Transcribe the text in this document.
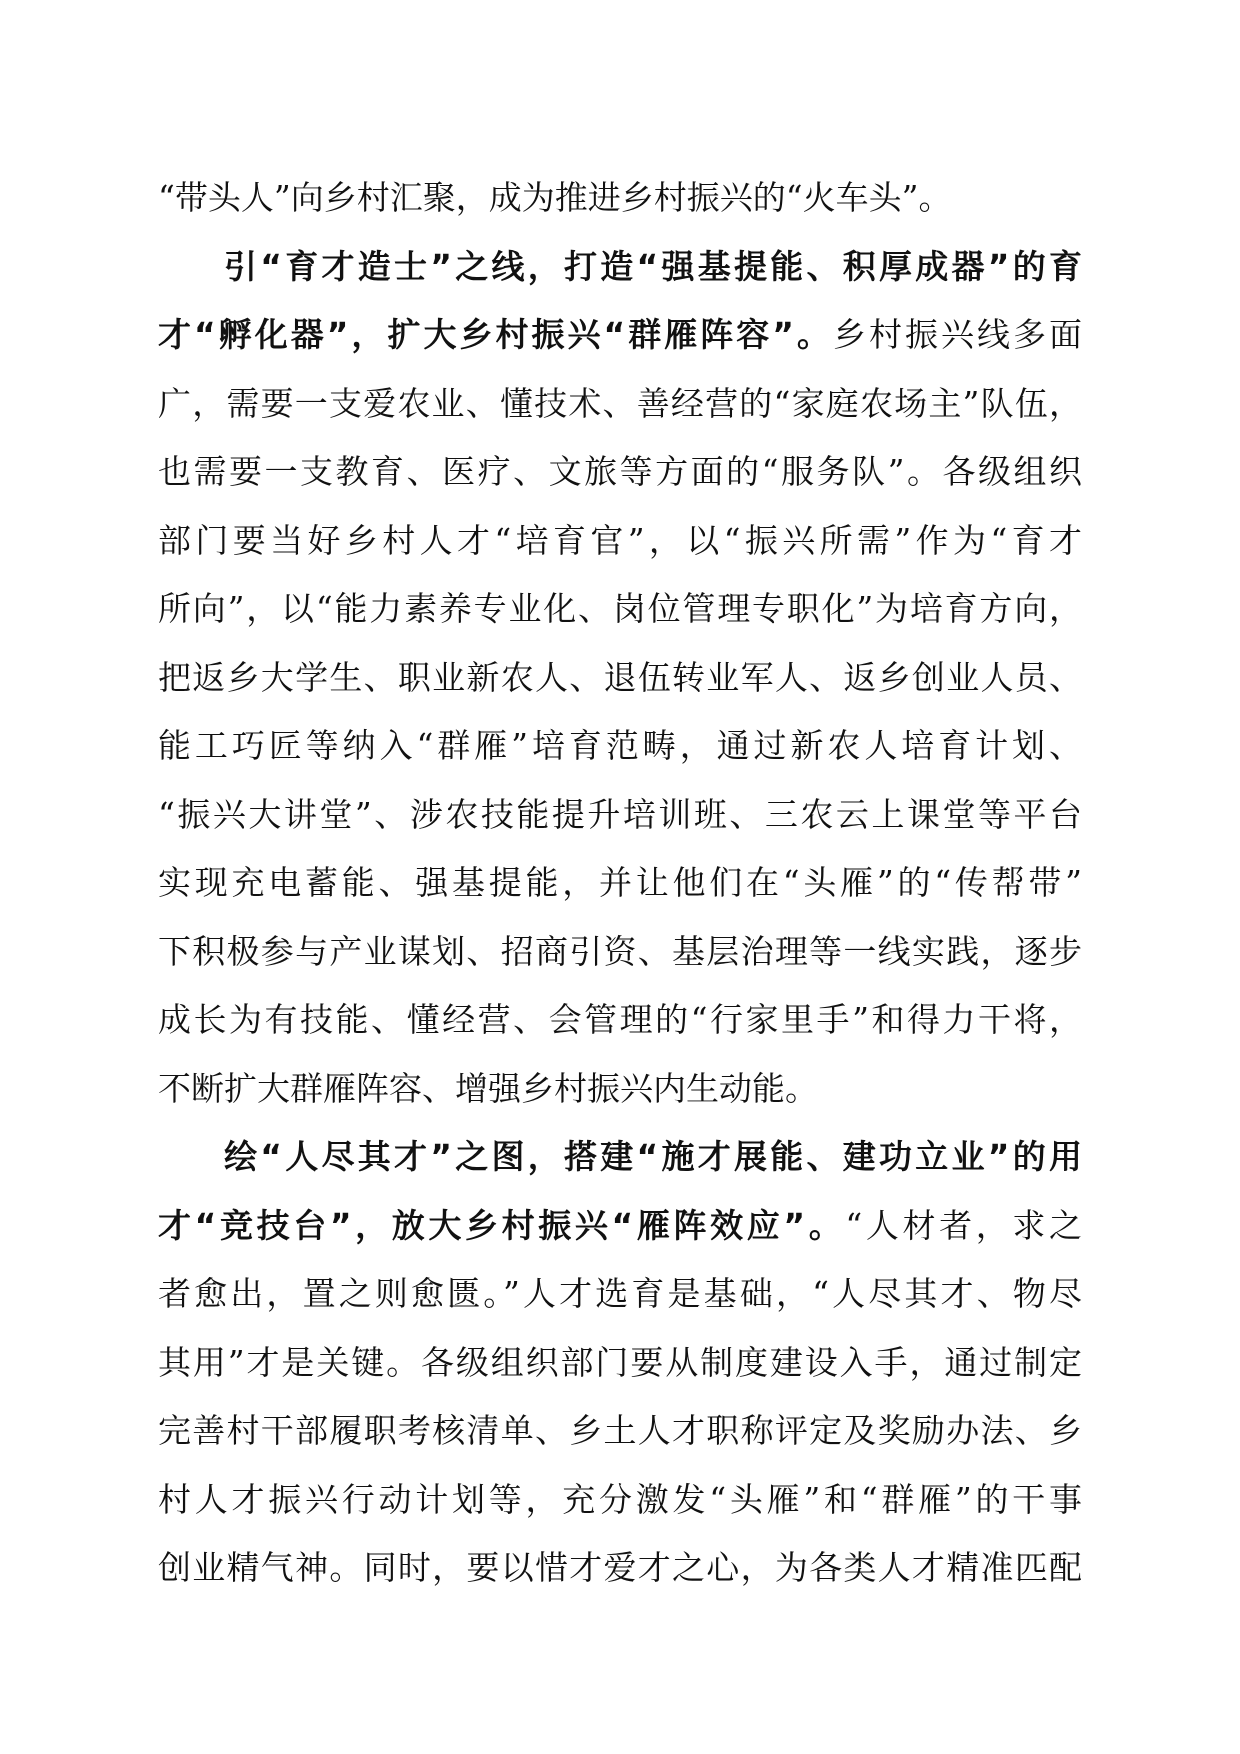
“带头人”向乡村汇聚，成为推进乡村振兴的“火车头”。
引“育才造士”之线，打造“强基提能、积厚成器”的育
才“孵化器”，扩大乡村振兴“群雁阵容”。乡村振兴线多面
广，需要一支爱农业、懂技术、善经营的“家庭农场主”队伍，
也需要一支教育、医疗、文旅等方面的“服务队”。各级组织
部门要当好乡村人才“培育官”，以“振兴所需”作为“育才
所向”，以“能力素养专业化、岗位管理专职化”为培育方向，
把返乡大学生、职业新农人、退伍转业军人、返乡创业人员、
能工巧匠等纳入“群雁”培育范畴，通过新农人培育计划、
“振兴大讲堂”、涉农技能提升培训班、三农云上课堂等平台
实现充电蓄能、强基提能，并让他们在“头雁”的“传帮带”
下积极参与产业谋划、招商引资、基层治理等一线实践，逐步
成长为有技能、懂经营、会管理的“行家里手”和得力干将，
不断扩大群雁阵容、增强乡村振兴内生动能。
绘“人尽其才”之图，搭建“施才展能、建功立业”的用
才“竞技台”，放大乡村振兴“雁阵效应”。“人材者，求之
者愈出，置之则愈匮。”人才选育是基础，“人尽其才、物尽
其用”才是关键。各级组织部门要从制度建设入手，通过制定
完善村干部履职考核清单、乡土人才职称评定及奖励办法、乡
村人才振兴行动计划等，充分激发“头雁”和“群雁”的干事
创业精气神。同时，要以惜才爱才之心，为各类人才精准匹配
